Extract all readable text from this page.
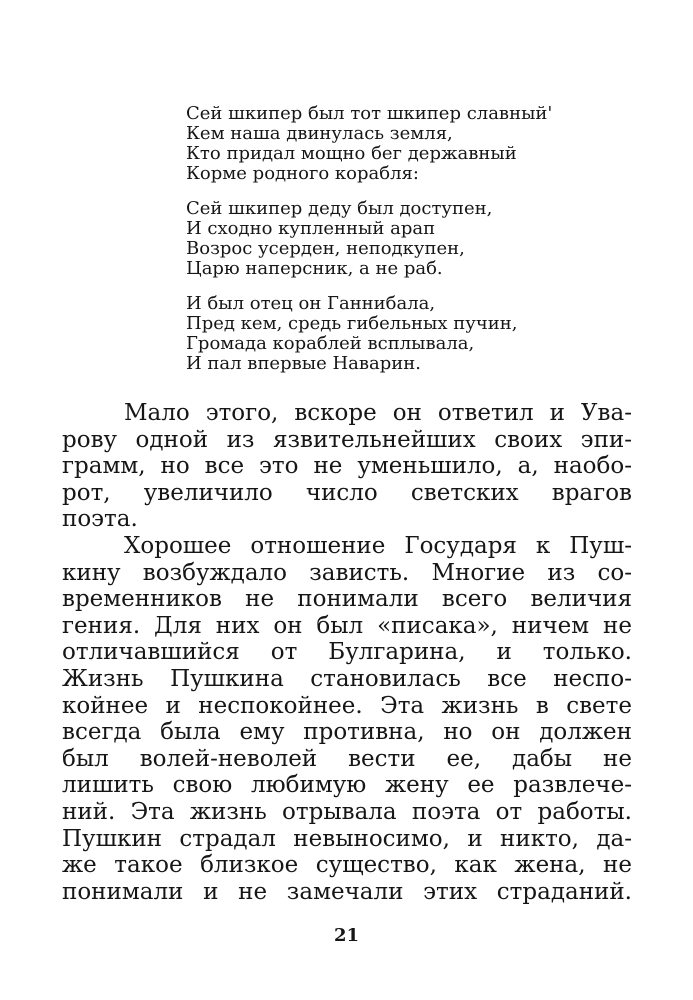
Сей шкипер был тот шкипер славный'
Кем наша двинулась земля,
Кто придал мощно бег державный
Корме родного корабля:
Сей шкипер деду был доступен,
И сходно купленный арап
Возрос усерден, неподкупен,
Царю наперсник, а не раб.
И был отец он Ганнибала,
Пред кем, средь гибельных пучин,
Громада кораблей всплывала,
И пал впервые Наварин.

Мало этого, вскоре он ответил и Ува-
рову одной из язвительнейших своих эпи-
грамм, но все это не уменьшило, а, наобо-
рот, увеличило число светских врагов
поэта.

Хорошее отношение Государя к Пуш-
кину возбуждало зависть. Многие из со-
временников не понимали всего величия
гения. Для них он был «писака», ничем не
отличавшийся от Булгарина, и только.
Жизнь Пушкина становилась все неспо-
койнее и неспокойнее. Эта жизнь в свете
всегда была ему противна, но он должен
был волей-неволей вести ее, дабы не
лишить свою любимую жену ее развлече-
ний. Эта жизнь отрывала поэта от работы.
Пушкин страдал невыносимо, и никто, да-
же такое близкое существо, как жена, не
понимали и не замечали этих страданий.

21
